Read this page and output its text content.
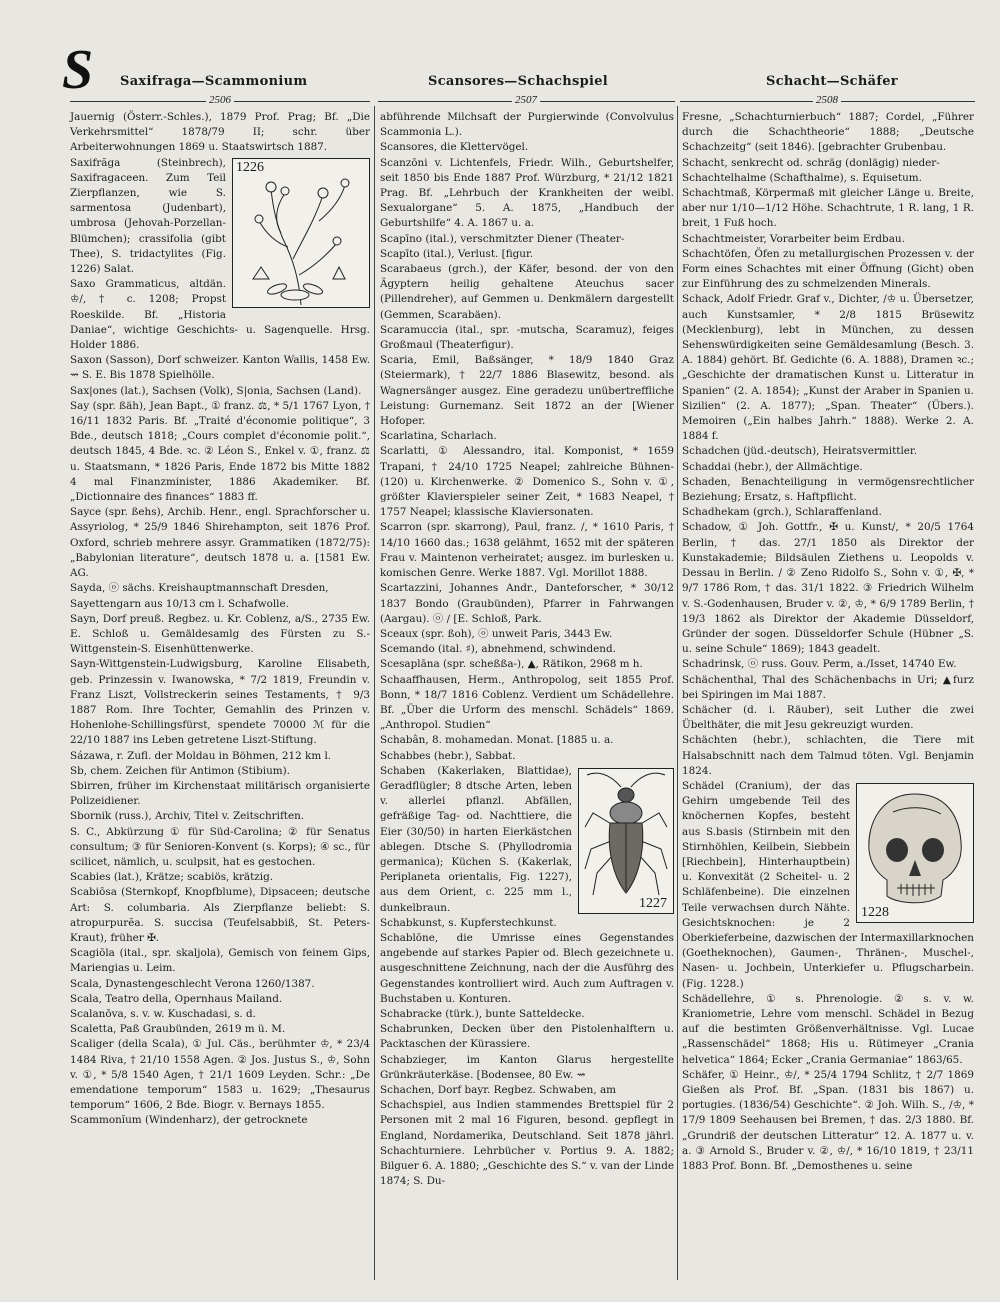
S Saxifraga—Scammonium	Scansores—Schachspiel	Schacht—Schäfer
2506	2507	2508

Jauernig (Österr.-Schles.), 1879 Prof. Prag; Bf. „Die Verkehrsmittel“ 1878/79 II; schr. über Arbeiterwohnungen 1869 u. Staatswirtsch 1887.

1226

Saxifrăga (Steinbrech), Saxifragaceen. Zum Teil Zierpflanzen, wie S. sarmentosa (Judenbart), umbrosa (Jehovah-Porzellan-Blümchen); crassifolia (gibt Thee), S. tridactylites (Fig. 1226) Salat.

Saxo Grammaticus, altdän. ♔/, † c. 1208; Propst Roeskilde. Bf. „Historia Daniae“, wichtige Geschichts- u. Sagenquelle. Hrsg. Holder 1886.

Saxon (Sasson), Dorf schweizer. Kanton Wallis, 1458 Ew. ⇝ S. E. Bis 1878 Spielhölle.

Sax|ones (lat.), Sachsen (Volk), S|onia, Sachsen (Land).

Say (spr. ßäh), Jean Bapt., ① franz. ⚖, * 5/1 1767 Lyon, † 16/11 1832 Paris. Bf. „Traité d'économie politique“, 3 Bde., deutsch 1818; „Cours complet d'économie polit.“, deutsch 1845, 4 Bde. ꝛc. ② Léon S., Enkel v. ①, franz. ⚖ u. Staatsmann, * 1826 Paris, Ende 1872 bis Mitte 1882 4 mal Finanzminister, 1886 Akademiker. Bf. „Dictionnaire des finances“ 1883 ff.

Sayce (spr. ßehs), Archib. Henr., engl. Sprachforscher u. Assyriolog, * 25/9 1846 Shirehampton, seit 1876 Prof. Oxford, schrieb mehrere assyr. Grammatiken (1872/75): „Babylonian literature“, deutsch 1878 u. a. [1581 Ew. AG.

Sayda, ⓞ sächs. Kreishauptmannschaft Dresden,

Sayettengarn aus 10/13 cm l. Schafwolle.

Sayn, Dorf preuß. Regbez. u. Kr. Coblenz, a/S., 2735 Ew. E. Schloß u. Gemäldesamlg des Fürsten zu S.-Wittgenstein-S. Eisenhüttenwerke.

Sayn-Wittgenstein-Ludwigsburg, Karoline Elisabeth, geb. Prinzessin v. Iwanowska, * 7/2 1819, Freundin v. Franz Liszt, Vollstreckerin seines Testaments, † 9/3 1887 Rom. Ihre Tochter, Gemahlin des Prinzen v. Hohenlohe-Schillingsfürst, spendete 70000 ℳ für die 22/10 1887 ins Leben getretene Liszt-Stiftung.

Sázawa, r. Zufl. der Moldau in Böhmen, 212 km l.

Sb, chem. Zeichen für Antimon (Stibium).

Sbirren, früher im Kirchenstaat militärisch organisierte Polizeidiener.

Sbornik (russ.), Archiv, Titel v. Zeitschriften.

S. C., Abkürzung ① für Süd-Carolina; ② für Senatus consultum; ③ für Senioren-Konvent (s. Korps); ④ sc., für scilicet, nämlich, u. sculpsit, hat es gestochen.

Scabies (lat.), Krätze; scabiös, krätzig.

Scabiōsa (Sternkopf, Knopfblume), Dipsaceen; deutsche Art: S. columbaria. Als Zierpflanze beliebt: S. atropurpurĕa. S. succisa (Teufelsabbiß, St. Peters-Kraut), früher ✠.

Scagiōla (ital., spr. skaljola), Gemisch von feinem Gips, Mariengias u. Leim.

Scala, Dynastengeschlecht Verona 1260/1387.

Scala, Teatro della, Opernhaus Mailand.

Scalanōva, s. v. w. Kuschadasi, s. d.

Scaletta, Paß Graubünden, 2619 m ü. M.

Scaliger (della Scala), ① Jul. Cäs., berühmter ♔, * 23/4 1484 Riva, † 21/10 1558 Agen. ② Jos. Justus S., ♔, Sohn v. ①, * 5/8 1540 Agen, † 21/1 1609 Leyden. Schr.: „De emendatione temporum“ 1583 u. 1629; „Thesaurus temporum“ 1606, 2 Bde. Biogr. v. Bernays 1855.

Scammonĭum (Windenharz), der getrocknete

abführende Milchsaft der Purgierwinde (Convolvulus Scammonia L.).

Scansores, die Klettervögel.

Scanzōni v. Lichtenfels, Friedr. Wilh., Geburtshelfer, seit 1850 bis Ende 1887 Prof. Würzburg, * 21/12 1821 Prag. Bf. „Lehrbuch der Krankheiten der weibl. Sexualorgane“ 5. A. 1875, „Handbuch der Geburtshilfe“ 4. A. 1867 u. a.

Scapīno (ital.), verschmitzter Diener (Theater-

Scapīto (ital.), Verlust. [figur.

Scarabaeus (grch.), der Käfer, besond. der von den Ägyptern heilig gehaltene Ateuchus sacer (Pillendreher), auf Gemmen u. Denkmälern dargestellt (Gemmen, Scarabäen).

Scaramuccia (ital., spr. -mutscha, Scaramuz), feiges Großmaul (Theaterfigur).

Scaria, Emil, Baßsänger, * 18/9 1840 Graz (Steiermark), † 22/7 1886 Blasewitz, besond. als Wagnersänger ausgez. Eine geradezu unübertreffliche Leistung: Gurnemanz. Seit 1872 an der [Wiener Hofoper.

Scarlatina, Scharlach.

Scarlatti, ① Alessandro, ital. Komponist, * 1659 Trapani, † 24/10 1725 Neapel; zahlreiche Bühnen- (120) u. Kirchenwerke. ② Domenico S., Sohn v. ①, größter Klavierspieler seiner Zeit, * 1683 Neapel, † 1757 Neapel; klassische Klaviersonaten.

Scarron (spr. skarrong), Paul, franz. /, * 1610 Paris, † 14/10 1660 das.; 1638 gelähmt, 1652 mit der späteren Frau v. Maintenon verheiratet; ausgez. im burlesken u. komischen Genre. Werke 1887. Vgl. Morillot 1888.

Scartazzini, Johannes Andr., Danteforscher, * 30/12 1837 Bondo (Graubünden), Pfarrer in Fahrwangen (Aargau). ⓞ / [E. Schloß, Park.

Sceaux (spr. ßoh), ⓞ unweit Paris, 3443 Ew.

Scemando (ital. ♯), abnehmend, schwindend.

Scesaplāna (spr. scheßßa-), ▲, Rätikon, 2968 m h.

Schaaffhausen, Herm., Anthropolog, seit 1855 Prof. Bonn, * 18/7 1816 Coblenz. Verdient um Schädellehre. Bf. „Über die Urform des menschl. Schädels“ 1869. „Anthropol. Studien“

Schabân, 8. mohamedan. Monat. [1885 u. a.

Schabbes (hebr.), Sabbat.

1227

Schaben (Kakerlaken, Blattidae), Geradflügler; 8 dtsche Arten, leben v. allerlei pflanzl. Abfällen, gefräßige Tag- od. Nachttiere, die Eier (30/50) in harten Eierkästchen ablegen. Dtsche S. (Phyllodromia germanica); Küchen S. (Kakerlak, Periplaneta orientalis, Fig. 1227), aus dem Orient, c. 225 mm l., dunkelbraun.

Schabkunst, s. Kupferstechkunst.

Schablōne, die Umrisse eines Gegenstandes angebende auf starkes Papier od. Blech gezeichnete u. ausgeschnittene Zeichnung, nach der die Ausführg des Gegenstandes kontrolliert wird. Auch zum Auftragen v. Buchstaben u. Konturen.

Schabracke (türk.), bunte Satteldecke.

Schabrunken, Decken über den Pistolenhalftern u. Packtaschen der Kürassiere.

Schabzieger, im Kanton Glarus hergestellte Grünkräuterkäse. [Bodensee, 80 Ew. ⇝

Schachen, Dorf bayr. Regbez. Schwaben, am

Schachspiel, aus Indien stammendes Brettspiel für 2 Personen mit 2 mal 16 Figuren, besond. gepflegt in England, Nordamerika, Deutschland. Seit 1878 jährl. Schachturniere. Lehrbücher v. Portius 9. A. 1882; Bilguer 6. A. 1880; „Geschichte des S.“ v. van der Linde 1874; S. Du-

Fresne, „Schachturnierbuch“ 1887; Cordel, „Führer durch die Schachtheorie“ 1888; „Deutsche Schachzeitg“ (seit 1846). [gebrachter Grubenbau.

Schacht, senkrecht od. schräg (donlägig) nieder-

Schachtelhalme (Schafthalme), s. Equisetum.

Schachtmaß, Körpermaß mit gleicher Länge u. Breite, aber nur 1/10—1/12 Höhe. Schachtrute, 1 R. lang, 1 R. breit, 1 Fuß hoch.

Schachtmeister, Vorarbeiter beim Erdbau.

Schachtöfen, Öfen zu metallurgischen Prozessen v. der Form eines Schachtes mit einer Öffnung (Gicht) oben zur Einführung des zu schmelzenden Minerals.

Schack, Adolf Friedr. Graf v., Dichter, /♔ u. Übersetzer, auch Kunstsamler, * 2/8 1815 Brüsewitz (Mecklenburg), lebt in München, zu dessen Sehenswürdigkeiten seine Gemäldesamlung (Besch. 3. A. 1884) gehört. Bf. Gedichte (6. A. 1888), Dramen ꝛc.; „Geschichte der dramatischen Kunst u. Litteratur in Spanien“ (2. A. 1854); „Kunst der Araber in Spanien u. Sizilien“ (2. A. 1877); „Span. Theater“ (Übers.). Memoiren („Ein halbes Jahrh.“ 1888). Werke 2. A. 1884 f.

Schadchen (jüd.-deutsch), Heiratsvermittler.

Schaddai (hebr.), der Allmächtige.

Schaden, Benachteiligung in vermögensrechtlicher Beziehung; Ersatz, s. Haftpflicht.

Schadhekam (grch.), Schlaraffenland.

Schadow, ① Joh. Gottfr., ✠ u. Kunst/, * 20/5 1764 Berlin, † das. 27/1 1850 als Direktor der Kunstakademie; Bildsäulen Ziethens u. Leopolds v. Dessau in Berlin. / ② Zeno Ridolfo S., Sohn v. ①, ✠, * 9/7 1786 Rom, † das. 31/1 1822. ③ Friedrich Wilhelm v. S.-Godenhausen, Bruder v. ②, ♔, * 6/9 1789 Berlin, † 19/3 1862 als Direktor der Akademie Düsseldorf, Gründer der sogen. Düsseldorfer Schule (Hübner „S. u. seine Schule“ 1869); 1843 geadelt.

Schadrinsk, ⓞ russ. Gouv. Perm, a./Isset, 14740 Ew.

Schächenthal, Thal des Schächenbachs in Uri; ▲furz bei Spiringen im Mai 1887.

Schächer (d. i. Räuber), seit Luther die zwei Übelthäter, die mit Jesu gekreuzigt wurden.

Schächten (hebr.), schlachten, die Tiere mit Halsabschnitt nach dem Talmud töten. Vgl. Benjamin 1824.

1228

Schädel (Cranium), der das Gehirn umgebende Teil des knöchernen Kopfes, besteht aus S.basis (Stirnbein mit den Stirnhöhlen, Keilbein, Siebbein [Riechbein], Hinterhauptbein) u. Konvexität (2 Scheitel- u. 2 Schläfenbeine). Die einzelnen Teile verwachsen durch Nähte. Gesichtsknochen: je 2 Oberkieferbeine, dazwischen der Intermaxillarknochen (Goetheknochen), Gaumen-, Thränen-, Muschel-, Nasen- u. Jochbein, Unterkiefer u. Pflugscharbein. (Fig. 1228.)

Schädellehre, ① s. Phrenologie. ② s. v. w. Kraniometrie, Lehre vom menschl. Schädel in Bezug auf die bestimten Größenverhältnisse. Vgl. Lucae „Rassenschädel“ 1868; His u. Rütimeyer „Crania helvetica“ 1864; Ecker „Crania Germaniae“ 1863/65.

Schäfer, ① Heinr., ♔/, * 25/4 1794 Schlitz, † 2/7 1869 Gießen als Prof. Bf. „Span. (1831 bis 1867) u. portugies. (1836/54) Geschichte“. ② Joh. Wilh. S., /♔, * 17/9 1809 Seehausen bei Bremen, † das. 2/3 1880. Bf. „Grundriß der deutschen Litteratur“ 12. A. 1877 u. v. a. ③ Arnold S., Bruder v. ②, ♔/, * 16/10 1819, † 23/11 1883 Prof. Bonn. Bf. „Demosthenes u. seine
